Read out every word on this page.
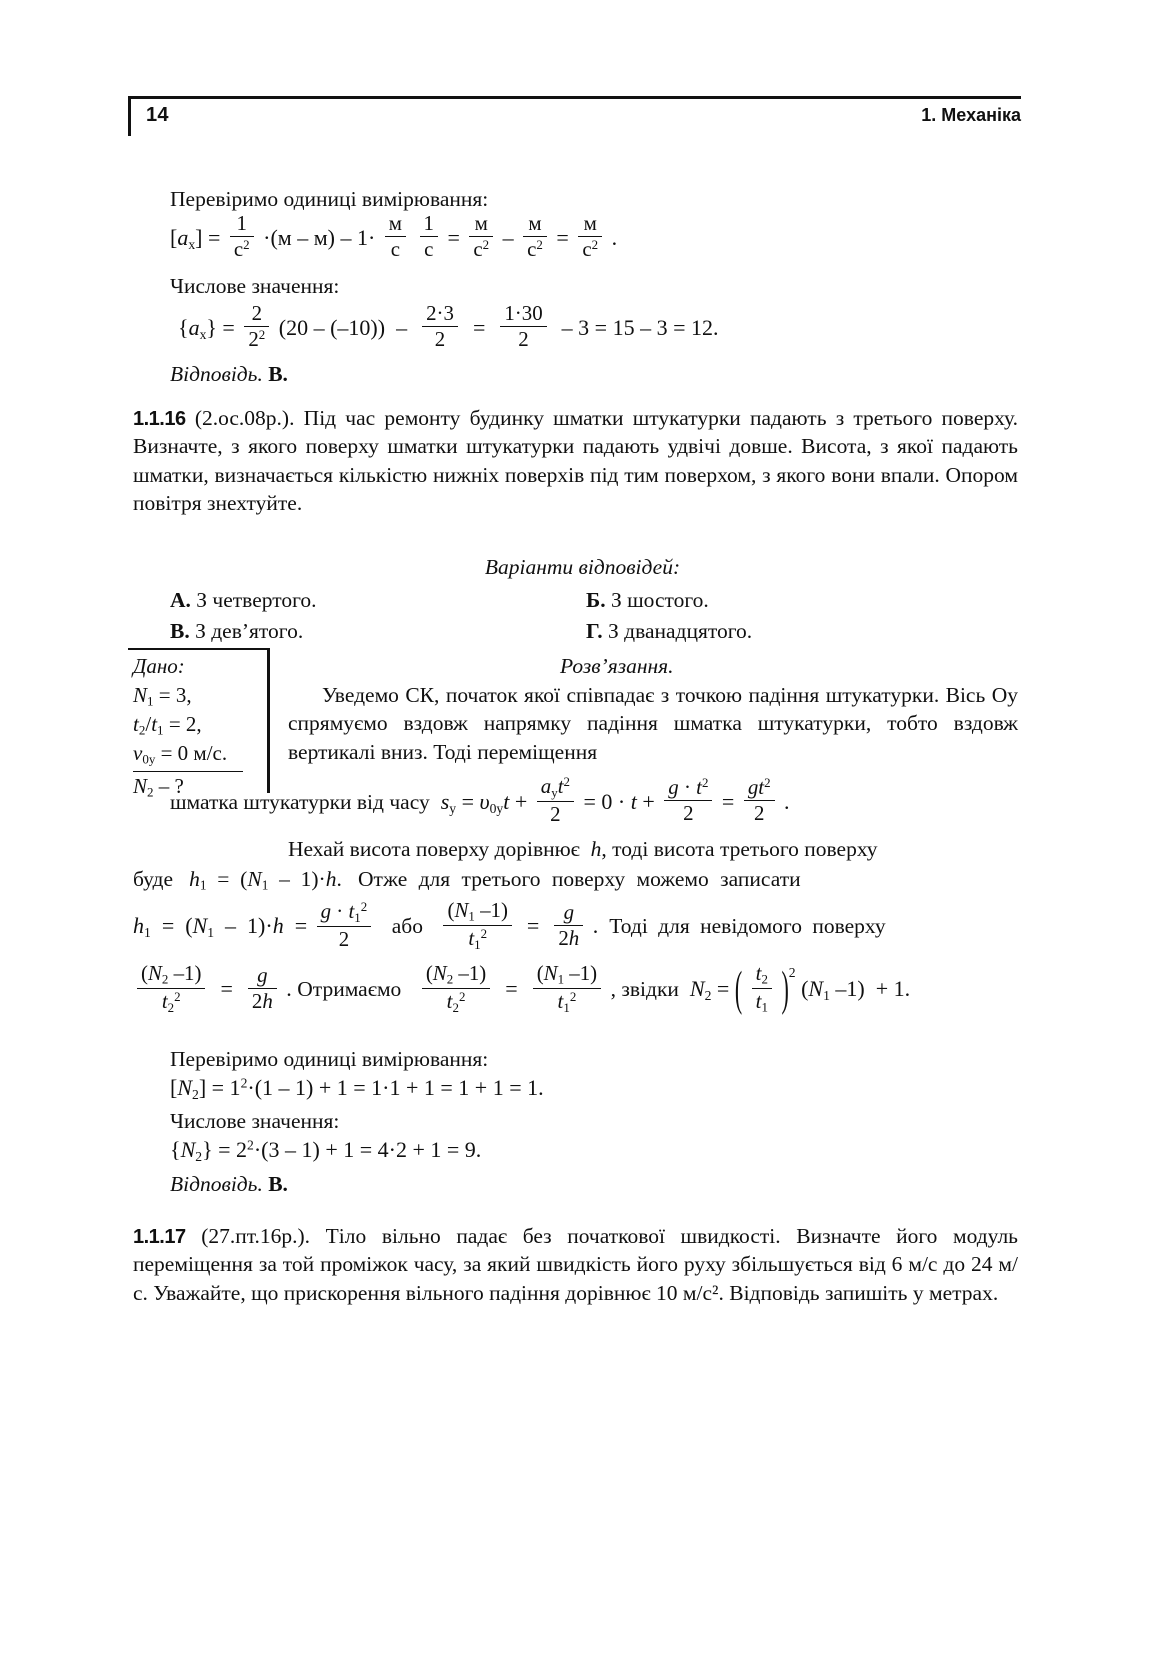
14	1. Механіка
Перевіримо одиниці вимірювання:
$[a_x] = \frac{1}{с^2} \cdot(м - м) - 1\cdot \frac{м}{с}$
$\frac{1}{с} = \frac{м}{с^2} - \frac{м}{с^2} = \frac{м}{с^2}$ .
Числове значення:
$\{a_x\} = \frac{2}{2^2} (20 - (-10)) - \frac{2\cdot 3}{2} = \frac{1\cdot 30}{2} - 3 = 15 - 3 = 12$.
Відповідь. В.
1.1.16 (2.ос.08р.). Під час ремонту будинку шматки штукатурки падають з третього поверху. Визначте, з якого поверху шматки штукатурки падають удвічі довше. Висота, з якої падають шматки, визначається кількістю нижніх поверхів під тим поверхом, з якого вони впали. Опором повітря знехтуйте.
Варіанти відповідей:
А. З четвертого.	Б. З шостого.
В. З дев’ятого.	Г. З дванадцятого.
Дано:
$N_1 = 3$,
$t_2/t_1 = 2$,
$v_{0y} = 0$ м/с.
$N_2$ – ?
Розв’язання.
Уведемо СК, початок якої співпадає з точкою падіння штукатурки. Вісь Oy спрямуємо вздовж напрямку падіння шматка штукатурки, тобто вздовж вертикалі вниз. Тоді переміщення
шматка штукатурки від часу $s_y = \upsilon_{0y}t + \frac{a_yt^2}{2} = 0 \cdot t + \frac{g \cdot t^2}{2} = \frac{gt^2}{2}$ .
Нехай висота поверху дорівнює  h, тоді висота третього поверху
буде $h_1 = (N_1 - 1)\cdot h$.   Отже для третього поверху можемо записати
$h_1 = (N_1 - 1)\cdot h = \frac{g \cdot t_1^2}{2}$ або $\frac{(N_1 -1)}{t_1^2} = \frac{g}{2h}$ .  Тоді для невідомого поверху
$\frac{(N_2 -1)}{t_2^2} = \frac{g}{2h}$ . Отримаємо $\frac{(N_2 -1)}{t_2^2} = \frac{(N_1 -1)}{t_1^2}$ , звідки $N_2$ = ( $\frac{t_2}{t_1} )^2$ ($N_1$ –1)  + 1.
Перевіримо одиниці вимірювання:
$[N_2] = 1^2\cdot(1 - 1) + 1 = 1\cdot 1 + 1 = 1 + 1 = 1$.
Числове значення:
$\{N_2\} = 2^2\cdot(3 - 1) + 1 = 4\cdot 2 + 1 = 9$.
Відповідь. В.
1.1.17 (27.пт.16р.). Тіло вільно падає без початкової швидкості. Визначте його модуль переміщення за той проміжок часу, за який швидкість його руху збільшується від 6 м/с до 24 м/с. Уважайте, що прискорення вільного падіння дорівнює 10 м/с². Відповідь запишіть у метрах.
